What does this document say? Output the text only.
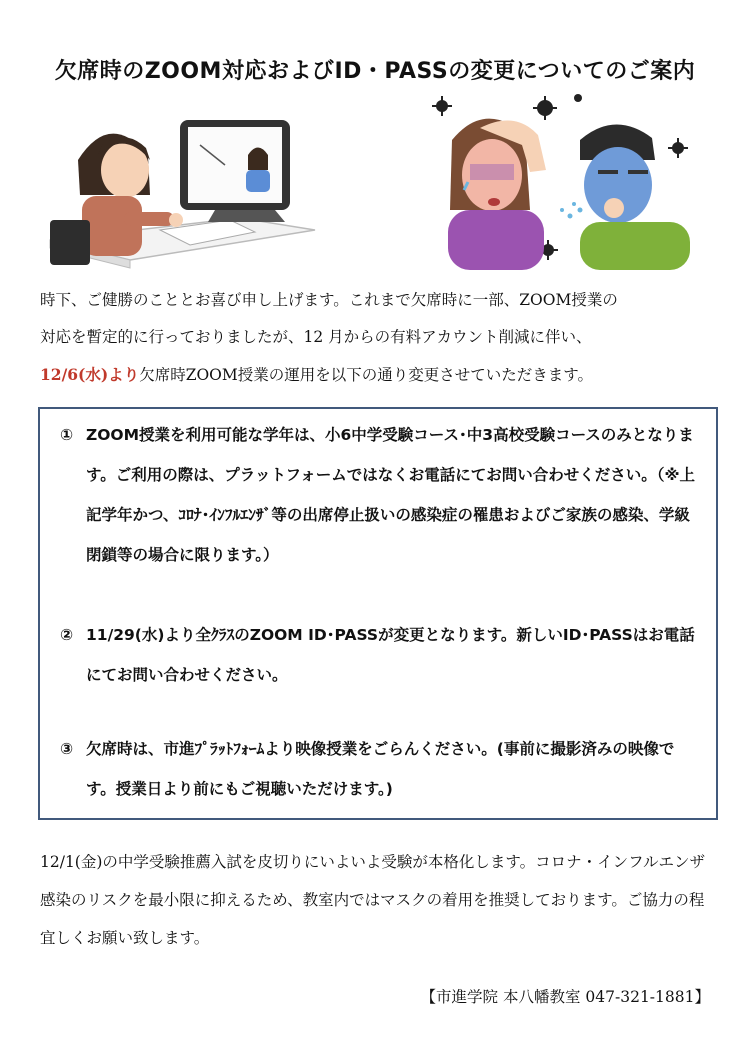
欠席時のZOOM対応およびID・PASSの変更についてのご案内
時下、ご健勝のこととお喜び申し上げます。これまで欠席時に一部、ZOOM授業の
対応を暫定的に行っておりましたが、12 月からの有料アカウント削減に伴い、
12/6(水)より欠席時ZOOM授業の運用を以下の通り変更させていただきます。
① ZOOM授業を利用可能な学年は、小6中学受験コース･中3高校受験コースのみとなります。ご利用の際は、プラットフォームではなくお電話にてお問い合わせください。（※上記学年かつ、ｺﾛﾅ･ｲﾝﾌﾙｴﾝｻﾞ等の出席停止扱いの感染症の罹患およびご家族の感染、学級閉鎖等の場合に限ります。）
② 11/29(水)より全ｸﾗｽのZOOM ID･PASSが変更となります。新しいID･PASSはお電話にてお問い合わせください。
③ 欠席時は、市進ﾌﾟﾗｯﾄﾌｫｰﾑより映像授業をごらんください。(事前に撮影済みの映像です。授業日より前にもご視聴いただけます。)
12/1(金)の中学受験推薦入試を皮切りにいよいよ受験が本格化します。コロナ・インフルエンザ感染のリスクを最小限に抑えるため、教室内ではマスクの着用を推奨しております。ご協力の程宜しくお願い致します。
【市進学院 本八幡教室 047-321-1881】
